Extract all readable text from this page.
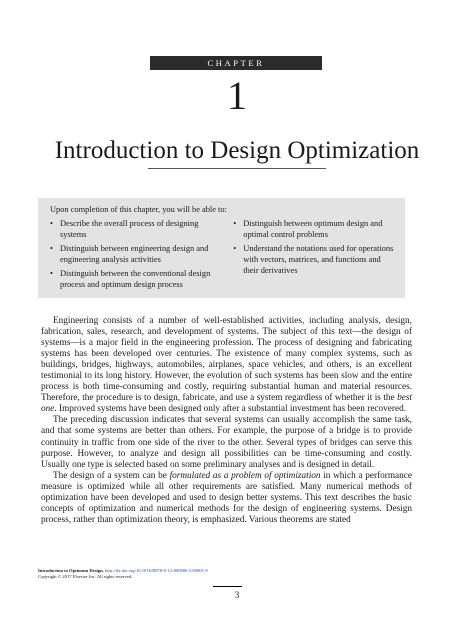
CHAPTER
1
Introduction to Design Optimization
Upon completion of this chapter, you will be able to:
• Describe the overall process of designing systems
• Distinguish between engineering design and engineering analysis activities
• Distinguish between the conventional design process and optimum design process
• Distinguish between optimum design and optimal control problems
• Understand the notations used for operations with vectors, matrices, and functions and their derivatives

Engineering consists of a number of well-established activities, including analysis, design, fabrication, sales, research, and development of systems. The subject of this text—the design of systems—is a major field in the engineering profession. The process of designing and fabricating systems has been developed over centuries. The existence of many complex systems, such as buildings, bridges, highways, automobiles, airplanes, space vehicles, and others, is an excellent testimonial to its long history. However, the evolution of such systems has been slow and the entire process is both time-consuming and costly, requiring substantial human and material resources. Therefore, the procedure is to design, fabricate, and use a system regardless of whether it is the best one. Improved systems have been designed only after a substantial investment has been recovered.

The preceding discussion indicates that several systems can usually accomplish the same task, and that some systems are better than others. For example, the purpose of a bridge is to provide continuity in traffic from one side of the river to the other. Several types of bridges can serve this purpose. However, to analyze and design all possibilities can be time-consuming and costly. Usually one type is selected based on some preliminary analyses and is designed in detail.

The design of a system can be formulated as a problem of optimization in which a performance measure is optimized while all other requirements are satisfied. Many numerical methods of optimization have been developed and used to design better systems. This text describes the basic concepts of optimization and numerical methods for the design of engineering systems. Design process, rather than optimization theory, is emphasized. Various theorems are stated

Introduction to Optimum Design. http://dx.doi.org/10.1016/B978-0-12-800806-5.00001-9
Copyright © 2017 Elsevier Inc. All rights reserved.
3
